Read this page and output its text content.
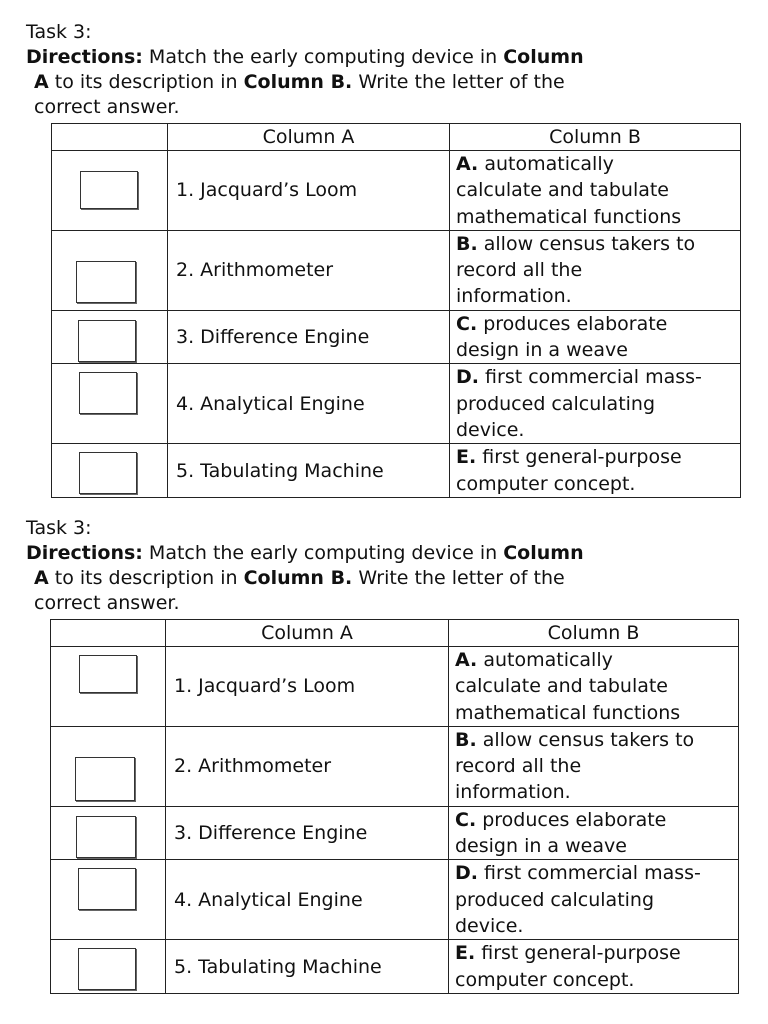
Task 3:
Directions: Match the early computing device in Column
A to its description in Column B. Write the letter of the
correct answer.
	Column A	Column B

	1. Jacquard’s Loom	A. automatically
calculate and tabulate
mathematical functions

	2. Arithmometer	B. allow census takers to
record all the
information.

	3. Difference Engine	C. produces elaborate
design in a weave

	4. Analytical Engine	D. first commercial mass-
produced calculating
device.

	5. Tabulating Machine	E. first general-purpose
computer concept.
Task 3:
Directions: Match the early computing device in Column
A to its description in Column B. Write the letter of the
correct answer.
	Column A	Column B

	1. Jacquard’s Loom	A. automatically
calculate and tabulate
mathematical functions

	2. Arithmometer	B. allow census takers to
record all the
information.

	3. Difference Engine	C. produces elaborate
design in a weave

	4. Analytical Engine	D. first commercial mass-
produced calculating
device.

	5. Tabulating Machine	E. first general-purpose
computer concept.
